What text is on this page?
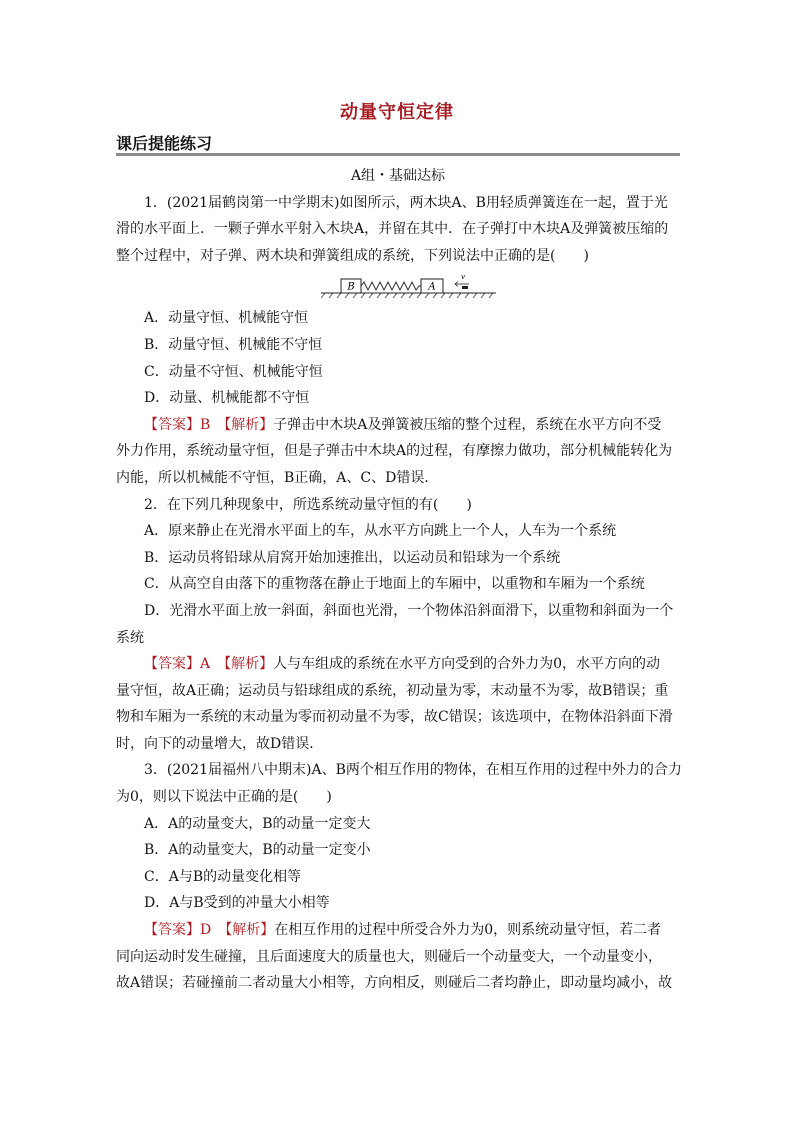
动量守恒定律
课后提能练习
A组・基础达标
1．(2021届鹤岗第一中学期末)如图所示，两木块A、B用轻质弹簧连在一起，置于光
滑的水平面上．一颗子弹水平射入木块A，并留在其中．在子弹打中木块A及弹簧被压缩的
整个过程中，对子弹、两木块和弹簧组成的系统，下列说法中正确的是(　　)
B	A
v
A．动量守恒、机械能守恒
B．动量守恒、机械能不守恒
C．动量不守恒、机械能守恒
D．动量、机械能都不守恒
【答案】B　【解析】子弹击中木块A及弹簧被压缩的整个过程，系统在水平方向不受
外力作用，系统动量守恒，但是子弹击中木块A的过程，有摩擦力做功，部分机械能转化为
内能，所以机械能不守恒，B正确，A、C、D错误．
2．在下列几种现象中，所选系统动量守恒的有(　　)
A．原来静止在光滑水平面上的车，从水平方向跳上一个人，人车为一个系统
B．运动员将铅球从肩窝开始加速推出，以运动员和铅球为一个系统
C．从高空自由落下的重物落在静止于地面上的车厢中，以重物和车厢为一个系统
D．光滑水平面上放一斜面，斜面也光滑，一个物体沿斜面滑下，以重物和斜面为一个
系统
【答案】A　【解析】人与车组成的系统在水平方向受到的合外力为0，水平方向的动
量守恒，故A正确；运动员与铅球组成的系统，初动量为零，末动量不为零，故B错误；重
物和车厢为一系统的末动量为零而初动量不为零，故C错误；该选项中，在物体沿斜面下滑
时，向下的动量增大，故D错误．
3．(2021届福州八中期末)A、B两个相互作用的物体，在相互作用的过程中外力的合力
为0，则以下说法中正确的是(　　)
A．A的动量变大，B的动量一定变大
B．A的动量变大，B的动量一定变小
C．A与B的动量变化相等
D．A与B受到的冲量大小相等
【答案】D　【解析】在相互作用的过程中所受合外力为0，则系统动量守恒，若二者
同向运动时发生碰撞，且后面速度大的质量也大，则碰后一个动量变大，一个动量变小，
故A错误；若碰撞前二者动量大小相等，方向相反，则碰后二者均静止，即动量均减小，故
